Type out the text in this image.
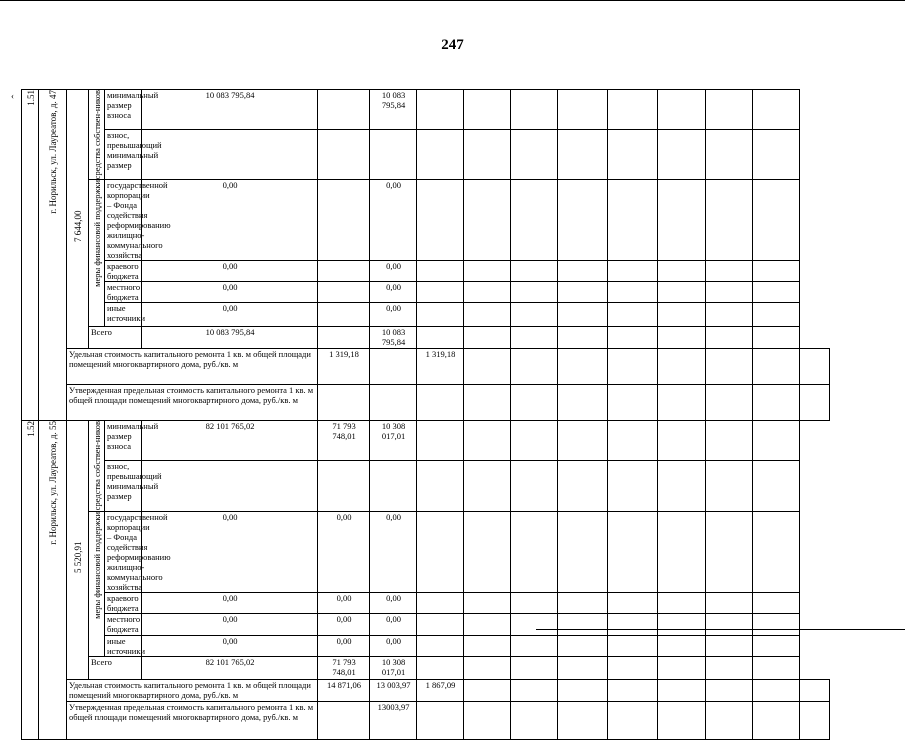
247
‹ 1.51	г. Норильск, ул. Лауреатов, д. 47	7 644,00	средства собствен-ников	минимальный размер взноса	10 083 795,84		10 083 795,84									
				взнос, превышающий минимальный размер												

			меры финансовой поддержки	государственной корпорации – Фонда содействия реформированию жилищно-коммунального хозяйства	0,00		0,00									
				краевого бюджета	0,00		0,00									
				местного бюджета	0,00		0,00									
				иные источники	0,00		0,00									
			Всего		10 083 795,84		10 083 795,84									
		Удельная стоимость капитального ремонта 1 кв. м общей площади помещений многоквартирного дома, руб./кв. м				1 319,18		1 319,18								
		Утвержденная предельная стоимость капитального ремонта 1 кв. м общей площади помещений многоквартирного дома, руб./кв. м														

1.52	г. Норильск, ул. Лауреатов, д. 55	5 520,91	средства собствен-ников	минимальный размер взноса	82 101 765,02	71 793 748,01	10 308 017,01									
				взнос, превышающий минимальный размер												

			меры финансовой поддержки	государственной корпорации – Фонда содействия реформированию жилищно-коммунального хозяйства	0,00	0,00	0,00									
				краевого бюджета	0,00	0,00	0,00									
				местного бюджета	0,00	0,00	0,00									
				иные источники	0,00	0,00	0,00									
			Всего		82 101 765,02	71 793 748,01	10 308 017,01									
		Удельная стоимость капитального ремонта 1 кв. м общей площади помещений многоквартирного дома, руб./кв. м				14 871,06	13 003,97	1 867,09								
		Утвержденная предельная стоимость капитального ремонта 1 кв. м общей площади помещений многоквартирного дома, руб./кв. м					13003,97									
